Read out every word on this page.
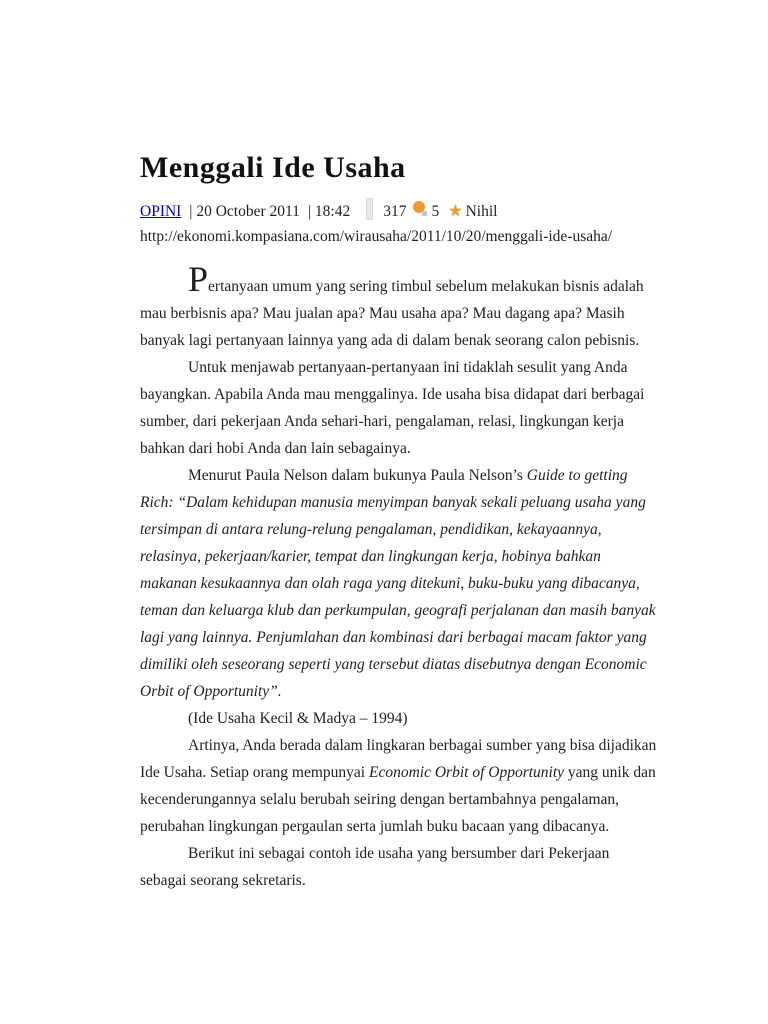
Menggali Ide Usaha
OPINI | 20 October 2011 | 18:42 317 5 ★ Nihil
http://ekonomi.kompasiana.com/wirausaha/2011/10/20/menggali-ide-usaha/

Pertanyaan umum yang sering timbul sebelum melakukan bisnis adalah mau berbisnis apa? Mau jualan apa? Mau usaha apa? Mau dagang apa? Masih banyak lagi pertanyaan lainnya yang ada di dalam benak seorang calon pebisnis.

Untuk menjawab pertanyaan-pertanyaan ini tidaklah sesulit yang Anda bayangkan. Apabila Anda mau menggalinya. Ide usaha bisa didapat dari berbagai sumber, dari pekerjaan Anda sehari-hari, pengalaman, relasi, lingkungan kerja bahkan dari hobi Anda dan lain sebagainya.

Menurut Paula Nelson dalam bukunya Paula Nelson’s Guide to getting Rich: “Dalam kehidupan manusia menyimpan banyak sekali peluang usaha yang tersimpan di antara relung-relung pengalaman, pendidikan, kekayaannya, relasinya, pekerjaan/karier, tempat dan lingkungan kerja, hobinya bahkan makanan kesukaannya dan olah raga yang ditekuni, buku-buku yang dibacanya, teman dan keluarga klub dan perkumpulan, geografi perjalanan dan masih banyak lagi yang lainnya. Penjumlahan dan kombinasi dari berbagai macam faktor yang dimiliki oleh seseorang seperti yang tersebut diatas disebutnya dengan Economic Orbit of Opportunity”.

(Ide Usaha Kecil & Madya – 1994)

Artinya, Anda berada dalam lingkaran berbagai sumber yang bisa dijadikan Ide Usaha. Setiap orang mempunyai Economic Orbit of Opportunity yang unik dan kecenderungannya selalu berubah seiring dengan bertambahnya pengalaman, perubahan lingkungan pergaulan serta jumlah buku bacaan yang dibacanya.

Berikut ini sebagai contoh ide usaha yang bersumber dari Pekerjaan sebagai seorang sekretaris.
